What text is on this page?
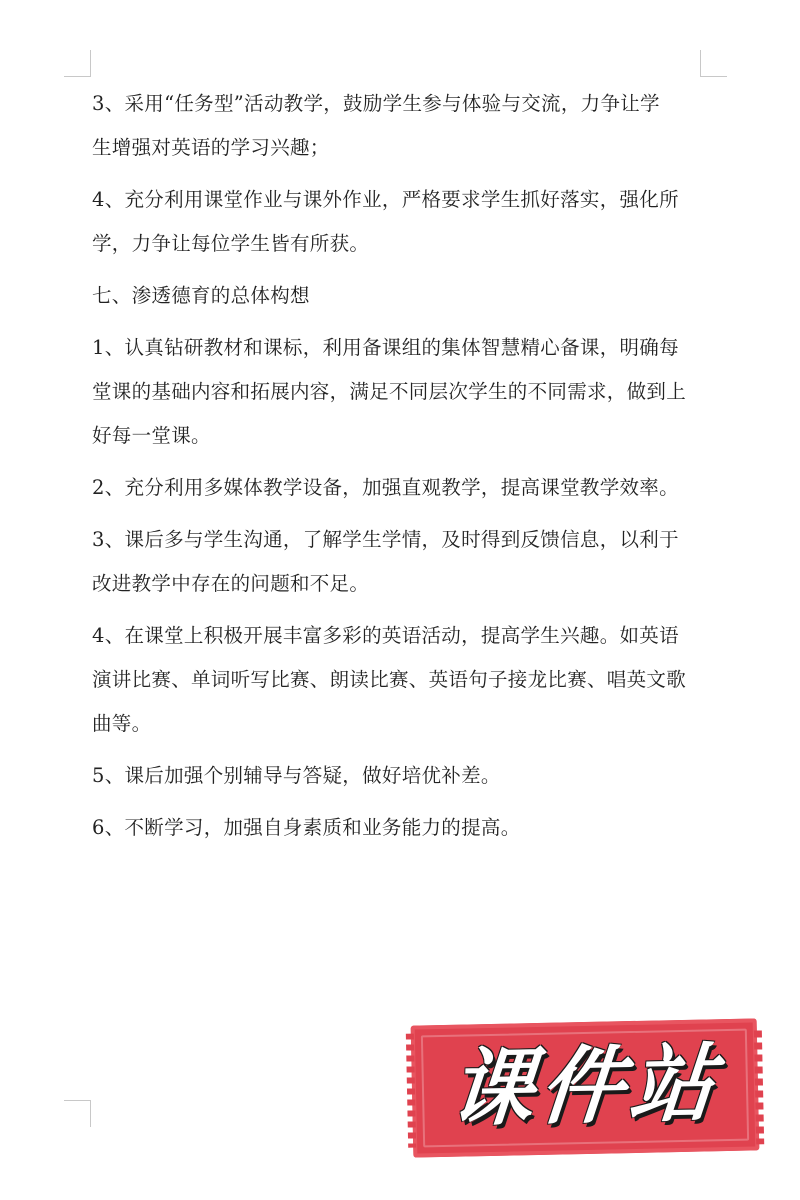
3、采用“任务型”活动教学，鼓励学生参与体验与交流，力争让学
生增强对英语的学习兴趣；

4、充分利用课堂作业与课外作业，严格要求学生抓好落实，强化所
学，力争让每位学生皆有所获。

七、渗透德育的总体构想

1、认真钻研教材和课标，利用备课组的集体智慧精心备课，明确每
堂课的基础内容和拓展内容，满足不同层次学生的不同需求，做到上
好每一堂课。

2、充分利用多媒体教学设备，加强直观教学，提高课堂教学效率。

3、课后多与学生沟通，了解学生学情，及时得到反馈信息，以利于
改进教学中存在的问题和不足。

4、在课堂上积极开展丰富多彩的英语活动，提高学生兴趣。如英语
演讲比赛、单词听写比赛、朗读比赛、英语句子接龙比赛、唱英文歌
曲等。

5、课后加强个别辅导与答疑，做好培优补差。

6、不断学习，加强自身素质和业务能力的提高。

课件站
